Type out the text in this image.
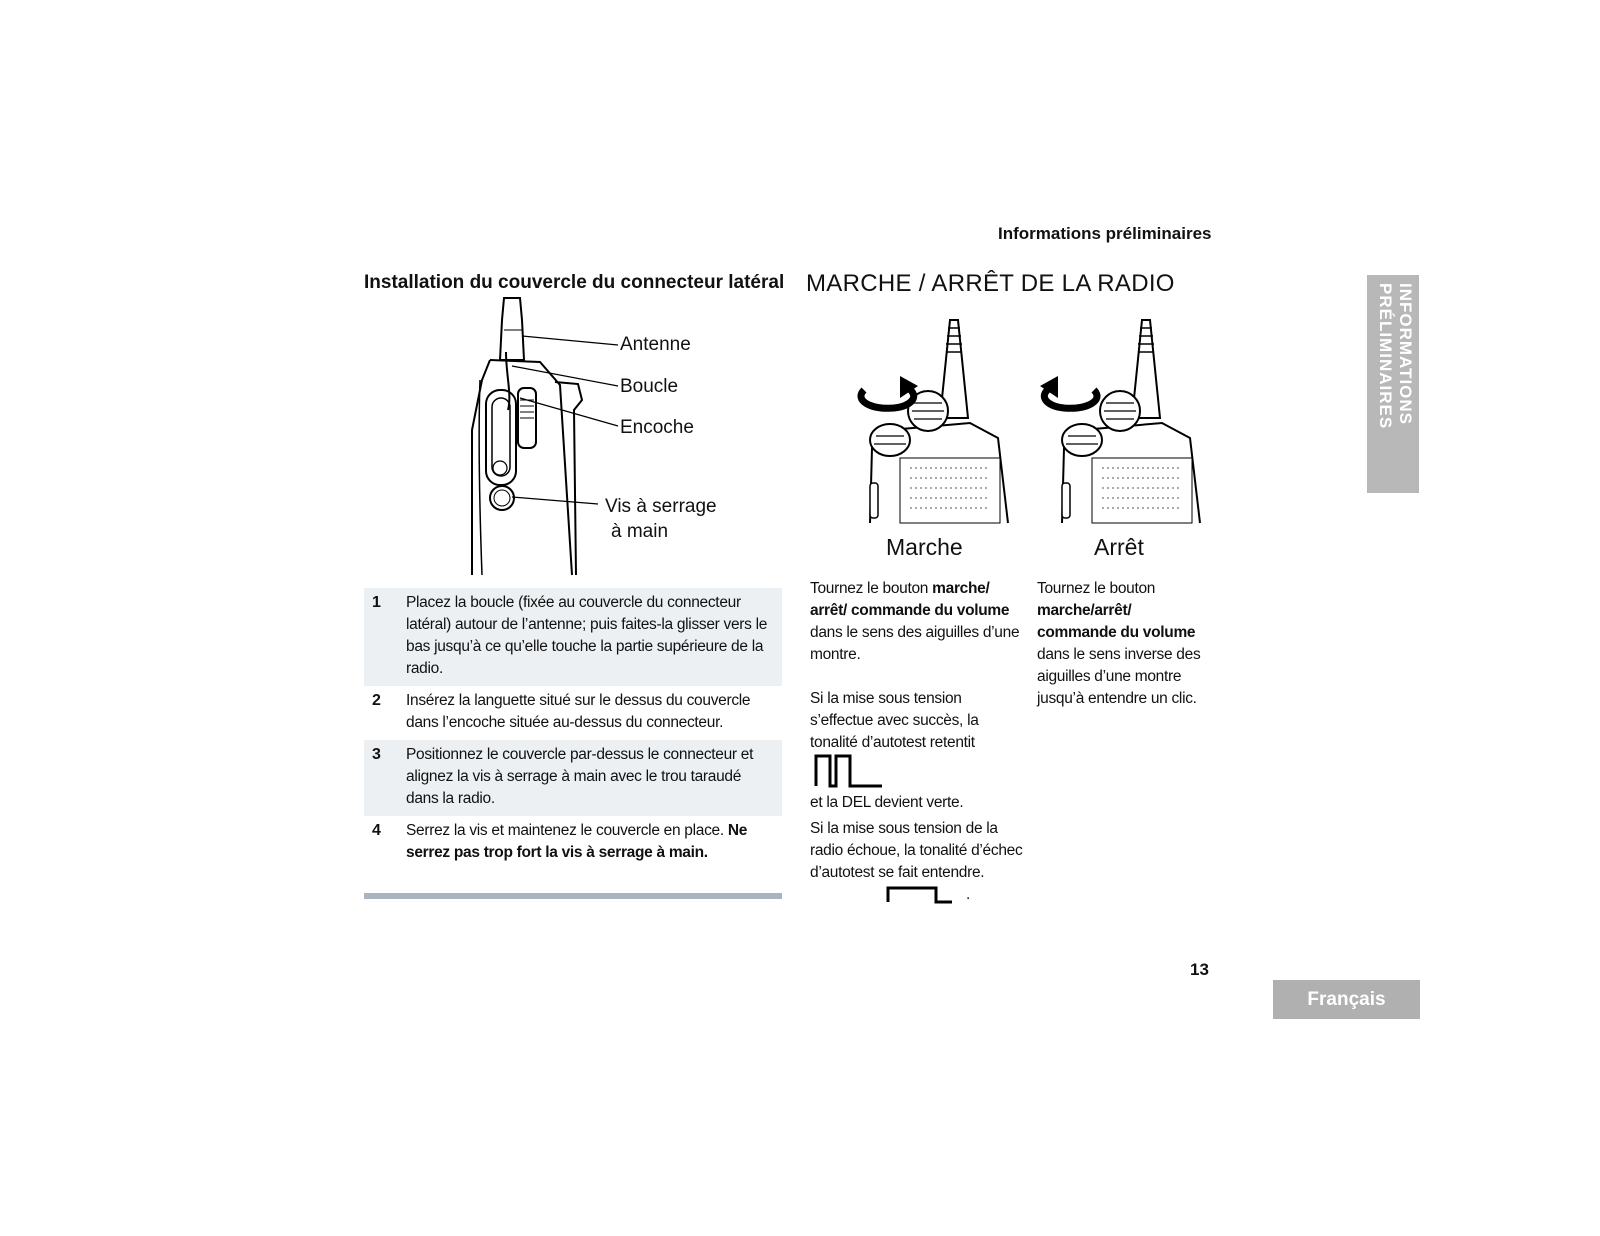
Informations préliminaires
INFORMATIONS
PRÉLIMINAIRES
Installation du couvercle du connecteur latéral
Antenne
Boucle
Encoche
Vis à serrage
à main
1 Placez la boucle (fixée au couvercle du connecteur latéral) autour de l’antenne; puis faites-la glisser vers le bas jusqu’à ce qu’elle touche la partie supérieure de la radio.
2 Insérez la languette situé sur le dessus du couvercle dans l’encoche située au-dessus du connecteur.
3 Positionnez le couvercle par-dessus le connecteur et alignez la vis à serrage à main avec le trou taraudé dans la radio.
4 Serrez la vis et maintenez le couvercle en place. Ne serrez pas trop fort la vis à serrage à main.
MARCHE / ARRÊT DE LA RADIO
Marche	Arrêt
Tournez le bouton marche/ arrêt/ commande du volume dans le sens des aiguilles d’une montre.
Si la mise sous tension s’effectue avec succès, la tonalité d’autotest retentit
et la DEL devient verte.
Si la mise sous tension de la radio échoue, la tonalité d’échec d’autotest se fait entendre.
.
Tournez le bouton marche/arrêt/ commande du volume dans le sens inverse des aiguilles d’une montre jusqu’à entendre un clic.
13
Français
